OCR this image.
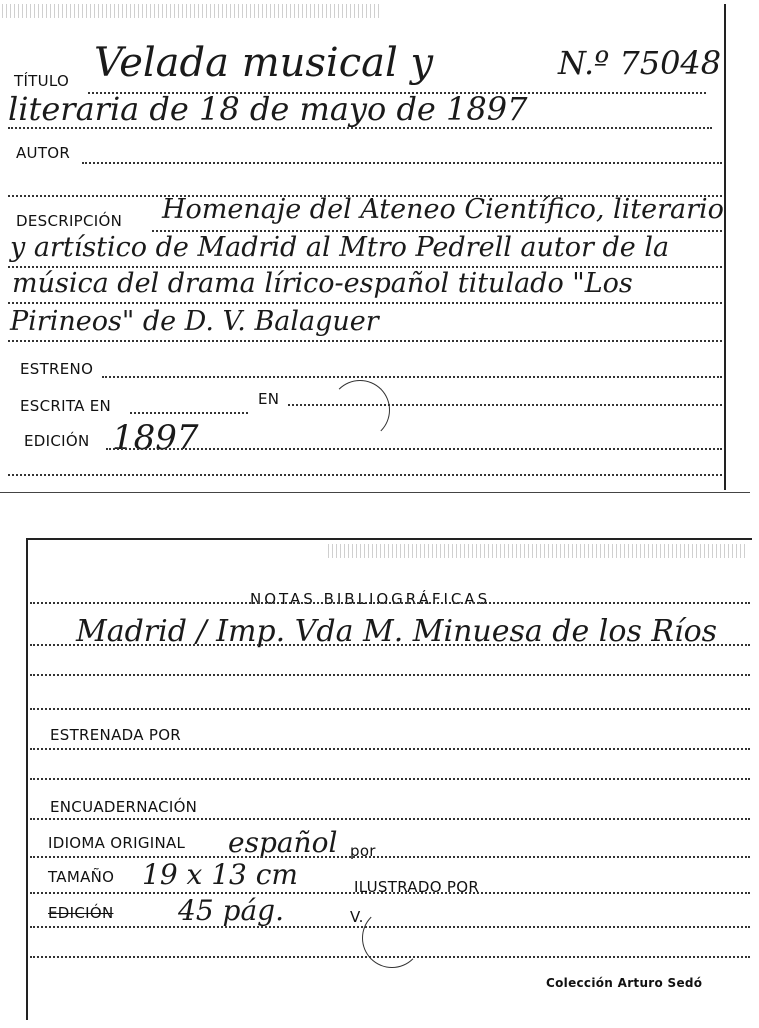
TÍTULO Velada musical y	N.º 75048
literaria de 18 de mayo de 1897
AUTOR
DESCRIPCIÓN Homenaje del Ateneo Científico, literario
y artístico de Madrid al Mtro Pedrell autor de la
música del drama lírico-español titulado "Los
Pirineos" de D. V. Balaguer
ESTRENO
ESCRITA EN	EN
EDICIÓN 1897
NOTAS BIBLIOGRÁFICAS
Madrid / Imp. Vda M. Minuesa de los Ríos
ESTRENADA POR
ENCUADERNACIÓN
IDIOMA ORIGINAL español por
TAMAÑO 19 x 13 cm	ILUSTRADO POR
EDICIÓN 45 pág.	V.
Colección Arturo Sedó
